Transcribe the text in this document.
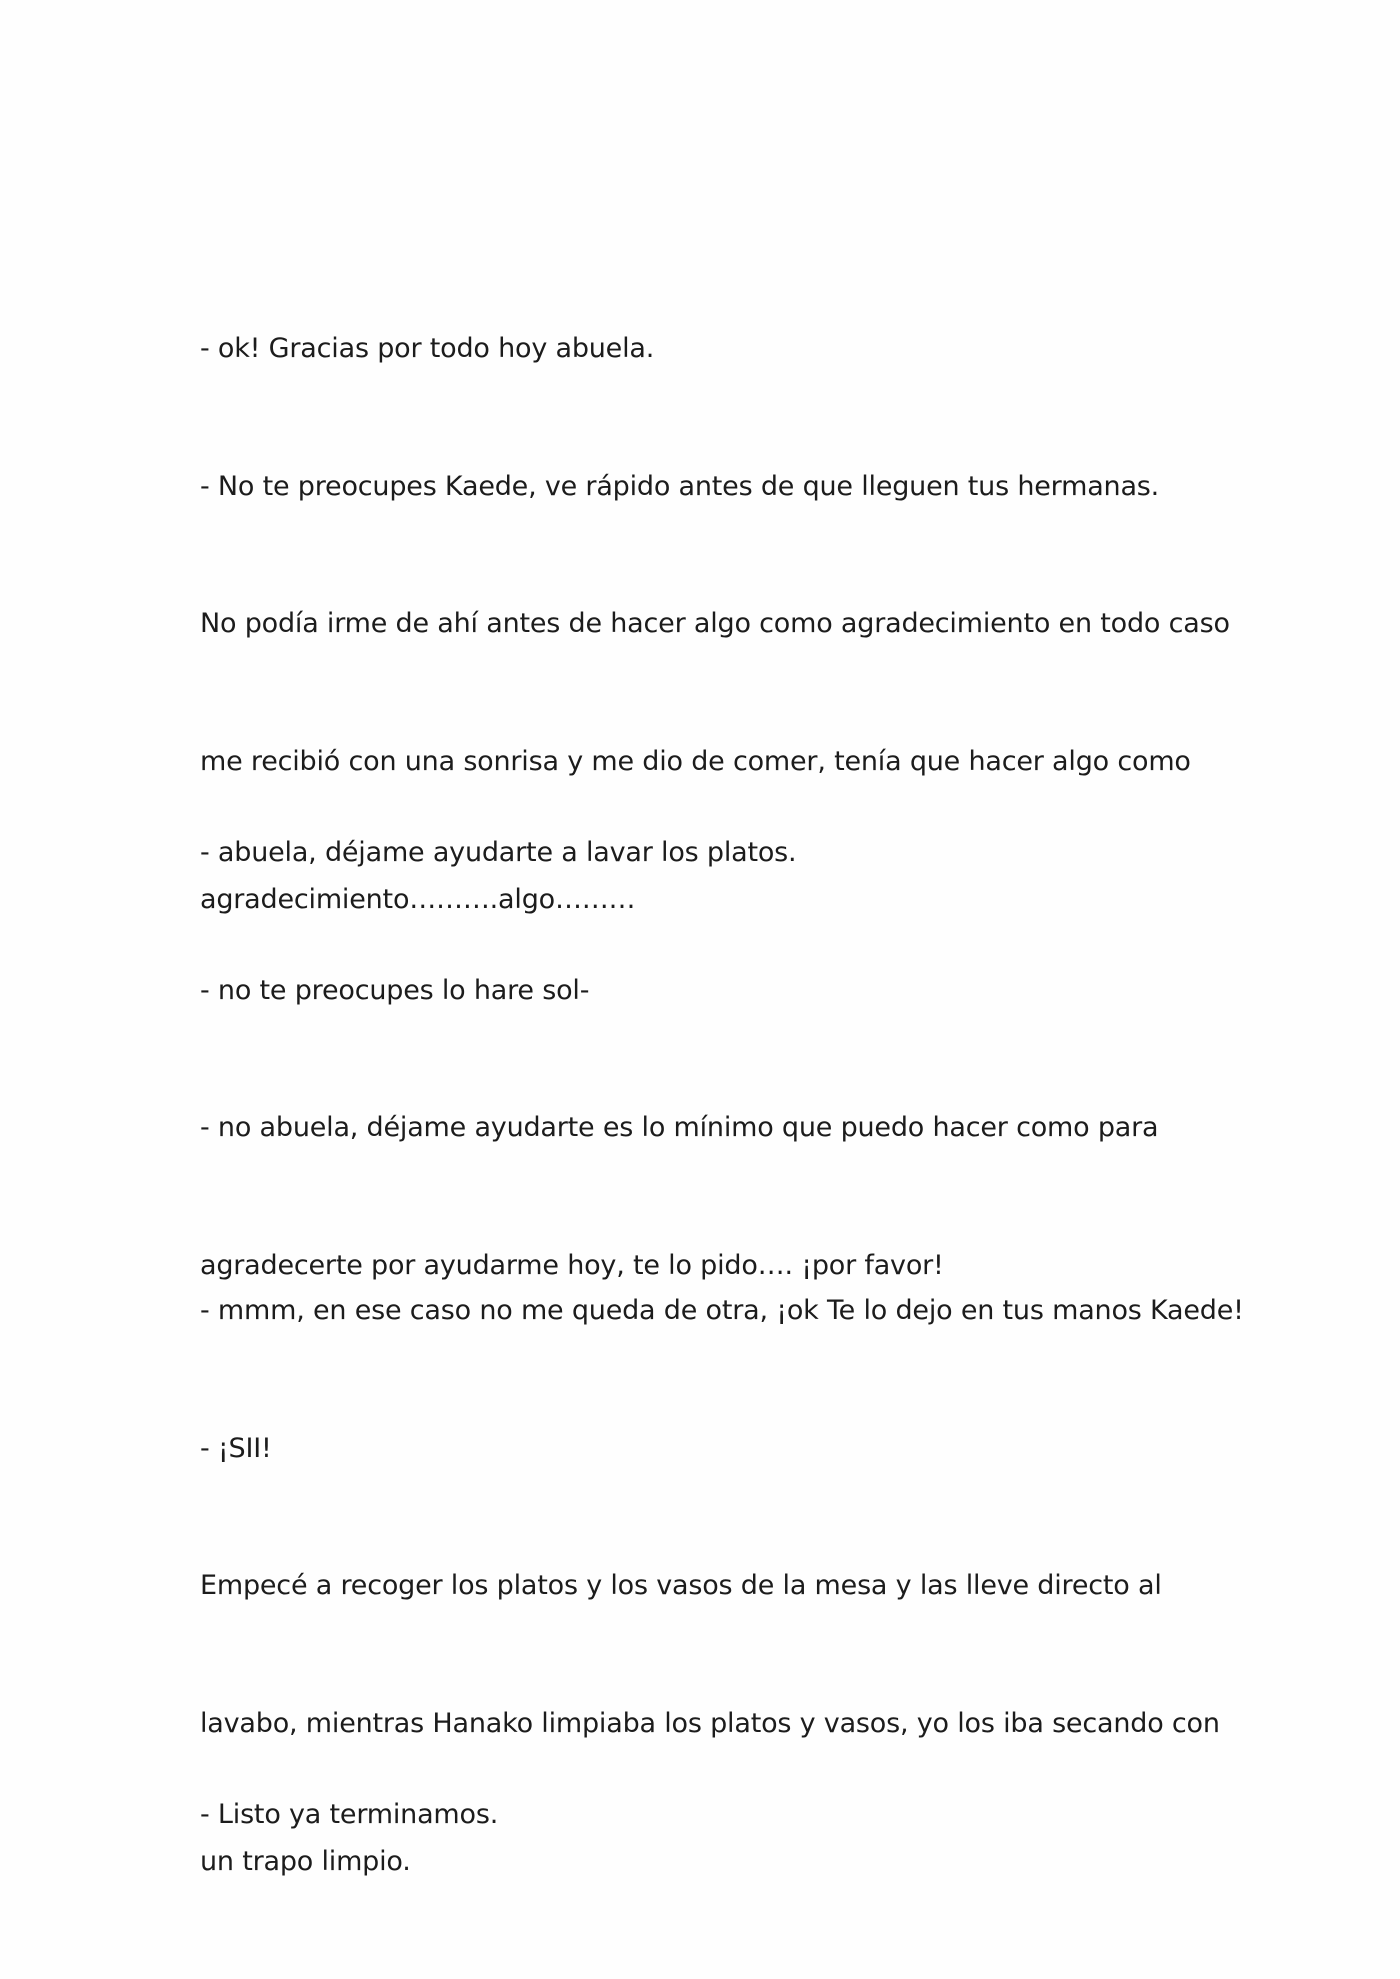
- ok! Gracias por todo hoy abuela.

- No te preocupes Kaede, ve rápido antes de que lleguen tus hermanas.

No podía irme de ahí antes de hacer algo como agradecimiento en todo caso

me recibió con una sonrisa y me dio de comer, tenía que hacer algo como

agradecimiento……….algo………

- abuela, déjame ayudarte a lavar los platos.

- no te preocupes lo hare sol-

- no abuela, déjame ayudarte es lo mínimo que puedo hacer como para

agradecerte por ayudarme hoy, te lo pido…. ¡por favor!

- mmm, en ese caso no me queda de otra, ¡ok Te lo dejo en tus manos Kaede!

- ¡SII!

Empecé a recoger los platos y los vasos de la mesa y las lleve directo al

lavabo, mientras Hanako limpiaba los platos y vasos, yo los iba secando con

un trapo limpio.

- Listo ya terminamos.
